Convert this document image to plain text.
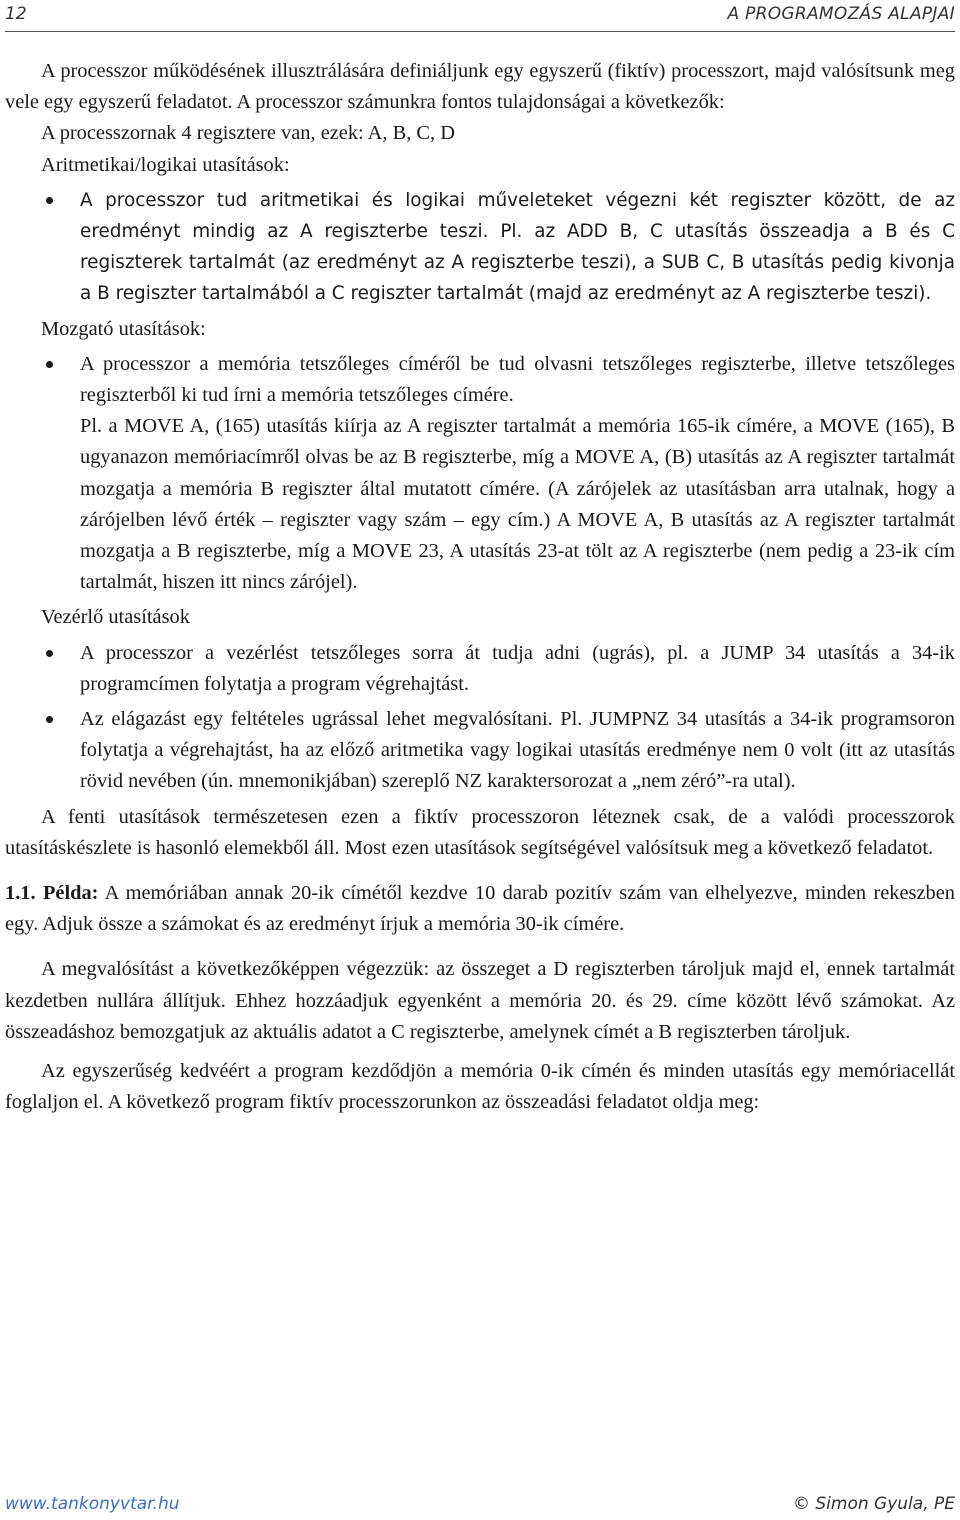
12	A PROGRAMOZÁS ALAPJAI

A processzor működésének illusztrálására definiáljunk egy egyszerű (fiktív) processzort, majd valósítsunk meg vele egy egyszerű feladatot. A processzor számunkra fontos tulajdonságai a következők:

A processzornak 4 regisztere van, ezek: A, B, C, D

Aritmetikai/logikai utasítások:

A processzor tud aritmetikai és logikai műveleteket végezni két regiszter között, de az eredményt mindig az A regiszterbe teszi. Pl. az ADD B, C utasítás összeadja a B és C regiszterek tartalmát (az eredményt az A regiszterbe teszi), a SUB C, B utasítás pedig kivonja a B regiszter tartalmából a C regiszter tartalmát (majd az eredményt az A regiszterbe teszi).

Mozgató utasítások:

A processzor a memória tetszőleges címéről be tud olvasni tetszőleges regiszterbe, illetve tetszőleges regiszterből ki tud írni a memória tetszőleges címére.

Pl. a MOVE A, (165) utasítás kiírja az A regiszter tartalmát a memória 165-ik címére, a MOVE (165), B ugyanazon memóriacímről olvas be az B regiszterbe, míg a MOVE A, (B) utasítás az A regiszter tartalmát mozgatja a memória B regiszter által mutatott címére. (A zárójelek az utasításban arra utalnak, hogy a zárójelben lévő érték – regiszter vagy szám – egy cím.) A MOVE A, B utasítás az A regiszter tartalmát mozgatja a B regiszterbe, míg a MOVE 23, A utasítás 23-at tölt az A regiszterbe (nem pedig a 23-ik cím tartalmát, hiszen itt nincs zárójel).

Vezérlő utasítások

A processzor a vezérlést tetszőleges sorra át tudja adni (ugrás), pl. a JUMP 34 utasítás a 34-ik programcímen folytatja a program végrehajtást.

Az elágazást egy feltételes ugrással lehet megvalósítani. Pl. JUMPNZ 34 utasítás a 34-ik programsoron folytatja a végrehajtást, ha az előző aritmetika vagy logikai utasítás eredménye nem 0 volt (itt az utasítás rövid nevében (ún. mnemonikjában) szereplő NZ karaktersorozat a „nem zéró”-ra utal).

A fenti utasítások természetesen ezen a fiktív processzoron léteznek csak, de a valódi processzorok utasításkészlete is hasonló elemekből áll. Most ezen utasítások segítségével valósítsuk meg a következő feladatot.

1.1. Példa: A memóriában annak 20-ik címétől kezdve 10 darab pozitív szám van elhelyezve, minden rekeszben egy. Adjuk össze a számokat és az eredményt írjuk a memória 30-ik címére.

A megvalósítást a következőképpen végezzük: az összeget a D regiszterben tároljuk majd el, ennek tartalmát kezdetben nullára állítjuk. Ehhez hozzáadjuk egyenként a memória 20. és 29. címe között lévő számokat. Az összeadáshoz bemozgatjuk az aktuális adatot a C regiszterbe, amelynek címét a B regiszterben tároljuk.

Az egyszerűség kedvéért a program kezdődjön a memória 0-ik címén és minden utasítás egy memóriacellát foglaljon el. A következő program fiktív processzorunkon az összeadási feladatot oldja meg:

www.tankonyvtar.hu	© Simon Gyula, PE
